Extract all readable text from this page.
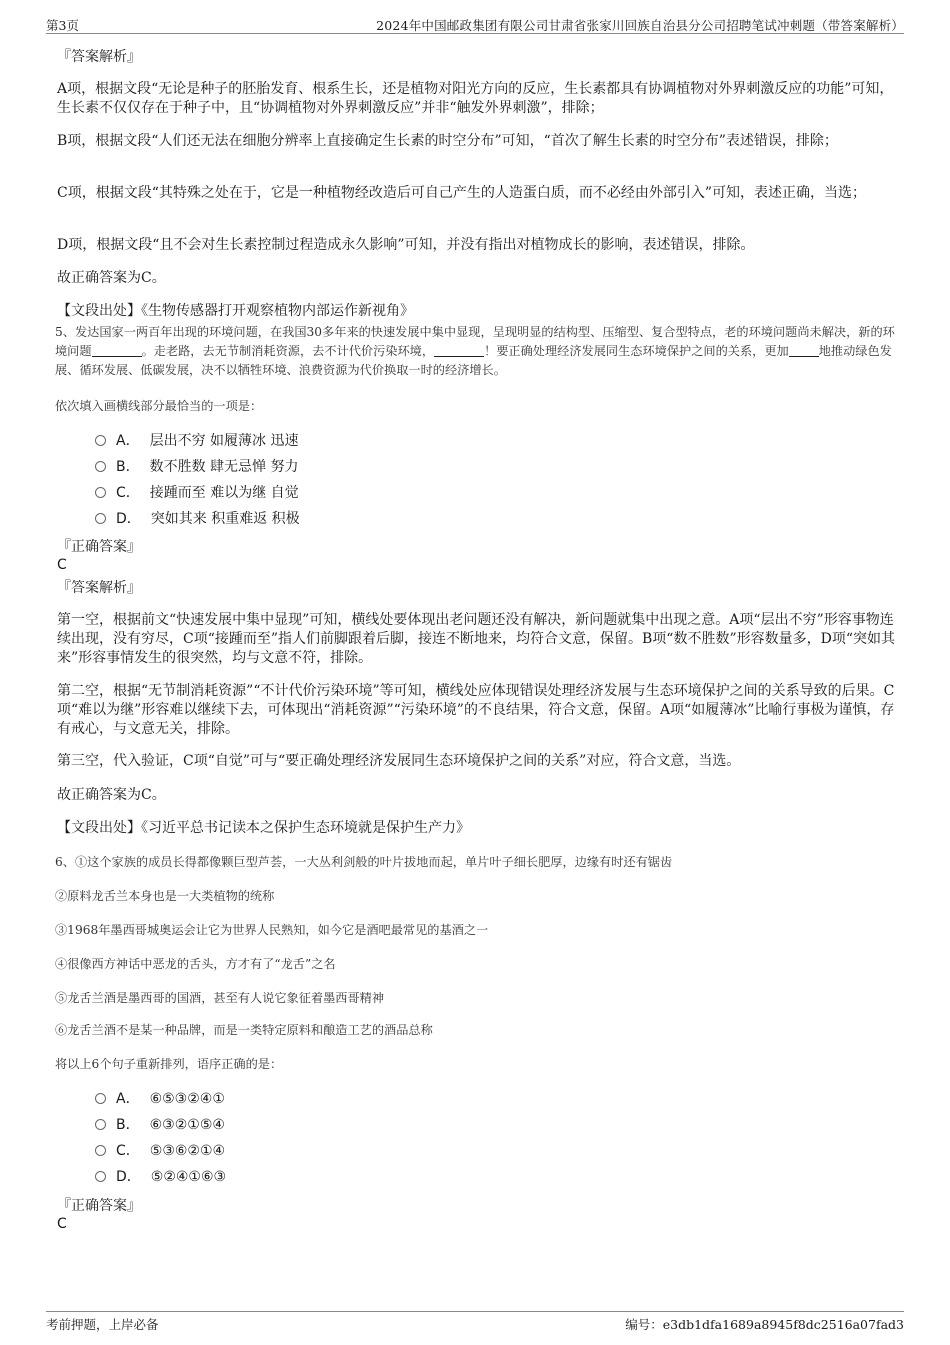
第3页	2024年中国邮政集团有限公司甘肃省张家川回族自治县分公司招聘笔试冲刺题（带答案解析）
『答案解析』
A项，根据文段“无论是种子的胚胎发育、根系生长，还是植物对阳光方向的反应，生长素都具有协调植物对外界刺激反应的功能”可知，生长素不仅仅存在于种子中，且“协调植物对外界刺激反应”并非“触发外界刺激”，排除；
B项，根据文段“人们还无法在细胞分辨率上直接确定生长素的时空分布”可知，“首次了解生长素的时空分布”表述错误，排除；
C项，根据文段“其特殊之处在于，它是一种植物经改造后可自己产生的人造蛋白质，而不必经由外部引入”可知，表述正确，当选；
D项，根据文段“且不会对生长素控制过程造成永久影响”可知，并没有指出对植物成长的影响，表述错误，排除。
故正确答案为C。
【文段出处】《生物传感器打开观察植物内部运作新视角》
5、发达国家一两百年出现的环境问题，在我国30多年来的快速发展中集中显现，呈现明显的结构型、压缩型、复合型特点，老的环境问题尚未解决，新的环境问题	。走老路，去无节制消耗资源，去不计代价污染环境，	！要正确处理经济发展同生态环境保护之间的关系，更加 地推动绿色发展、循环发展、低碳发展，决不以牺牲环境、浪费资源为代价换取一时的经济增长。
依次填入画横线部分最恰当的一项是：
A． 层出不穷 如履薄冰 迅速
B． 数不胜数 肆无忌惮 努力
C． 接踵而至 难以为继 自觉
D． 突如其来 积重难返 积极
『正确答案』
C
『答案解析』
第一空，根据前文“快速发展中集中显现”可知，横线处要体现出老问题还没有解决，新问题就集中出现之意。A项“层出不穷”形容事物连续出现，没有穷尽，C项“接踵而至”指人们前脚跟着后脚，接连不断地来，均符合文意，保留。B项“数不胜数”形容数量多，D项“突如其来”形容事情发生的很突然，均与文意不符，排除。
第二空，根据“无节制消耗资源”“不计代价污染环境”等可知，横线处应体现错误处理经济发展与生态环境保护之间的关系导致的后果。C项“难以为继”形容难以继续下去，可体现出“消耗资源”“污染环境”的不良结果，符合文意，保留。A项“如履薄冰”比喻行事极为谨慎，存有戒心，与文意无关，排除。
第三空，代入验证，C项“自觉”可与“要正确处理经济发展同生态环境保护之间的关系”对应，符合文意，当选。
故正确答案为C。
【文段出处】《习近平总书记读本之保护生态环境就是保护生产力》
6、①这个家族的成员长得都像颗巨型芦荟，一大丛利剑般的叶片拔地而起，单片叶子细长肥厚，边缘有时还有锯齿
②原料龙舌兰本身也是一大类植物的统称
③1968年墨西哥城奥运会让它为世界人民熟知，如今它是酒吧最常见的基酒之一
④很像西方神话中恶龙的舌头，方才有了“龙舌”之名
⑤龙舌兰酒是墨西哥的国酒，甚至有人说它象征着墨西哥精神
⑥龙舌兰酒不是某一种品牌，而是一类特定原料和酿造工艺的酒品总称
将以上6个句子重新排列，语序正确的是：
A． ⑥⑤③②④①
B． ⑥③②①⑤④
C． ⑤③⑥②①④
D． ⑤②④①⑥③
『正确答案』
C
考前押题，上岸必备	编号：e3db1dfa1689a8945f8dc2516a07fad3
